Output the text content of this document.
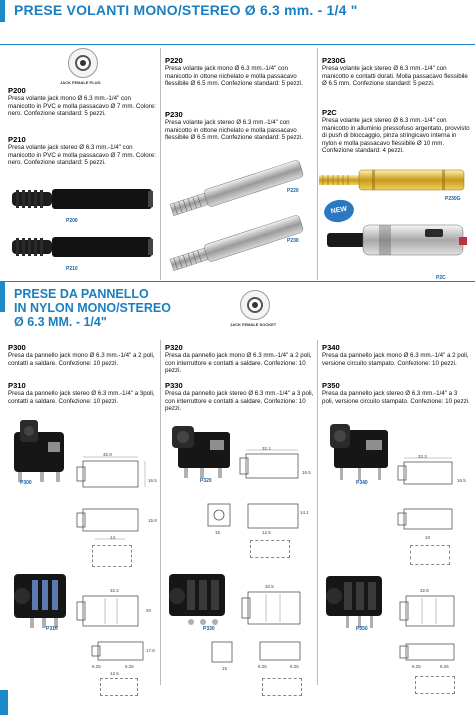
PRESE VOLANTI MONO/STEREO Ø 6.3 mm. - 1/4 "
JACK FEMALE PLUG
P200
Presa volante jack mono Ø 6.3 mm.-1/4" con manicotto in PVC e molla passacavo Ø 7 mm. Colore: nero. Confezione standard: 5 pezzi.
P210
Presa volante jack stereo Ø 6.3 mm.-1/4" con manicotto in PVC e molla passacavo Ø 7 mm. Colore: nero. Confezione standard: 5 pezzi.
P200
P210
P220
Presa volante jack mono Ø 6.3 mm.-1/4" con manicotto in ottone nichelato e molla passacavo flessibile Ø 6.5 mm. Confezione standard: 5 pezzi.
P230
Presa volante jack stereo Ø 6.3 mm.-1/4" con manicotto in ottone nichelato e molla passacavo flessibile Ø 6.5 mm. Confezione standard: 5 pezzi.
P220
P230
P230G
Presa volante jack stereo Ø 6.3 mm.-1/4" con manicotto e contatti dorati. Molla passacavo flessibile Ø 6.5 mm. Confezione standard: 5 pezzi.
P2C
Presa volante jack stereo Ø 6.3 mm.-1/4" con manicotto in alluminio pressofuso argentato, provvisto di push di bloccaggio, pinza stringicavo interna in nylon e molla passacavo flessibile Ø 10 mm. Confezione standard: 4 pezzi.
NEW
P230G
P2C
PRESE DA PANNELLO
IN NYLON MONO/STEREO
Ø 6.3 MM. - 1/4"	JACK FEMALE SOCKET
P300
Presa da pannello jack mono Ø 6.3 mm.-1/4" a 2 poli, contatti a saldare. Confezione: 10 pezzi.
P310
Presa da pannello jack stereo Ø 6.3 mm.-1/4" a 3poli, contatti a saldare. Confezione: 10 pezzi.
P320
Presa da pannello jack mono Ø 6.3 mm.-1/4" a 2 poli, con interruttore e contatti a saldare. Confezione: 10 pezzi.
P330
Presa da pannello jack stereo Ø 6.3 mm.-1/4" a 3 poli, con interruttore e contatti a saldare. Confezione: 10 pezzi.
P340
Presa da pannello jack mono Ø 6.3 mm.-1/4" a 2 poli, versione circuito stampato. Confezione: 10 pezzi.
P350
Presa da pannello jack stereo Ø 6.3 mm.-1/4" a 3 poli, versione circuito stampato. Confezione: 10 pezzi.
P300
32.9
16.5
15.8
14
P310
32.2
20
17.8
6.25	5.25
12.5
P320
32.1
16.5
14.1
15	12.5
P330
32.5
15	6.25	6.25
P340
32.3
16.5
10
P350
32.8
6.25	6.25
